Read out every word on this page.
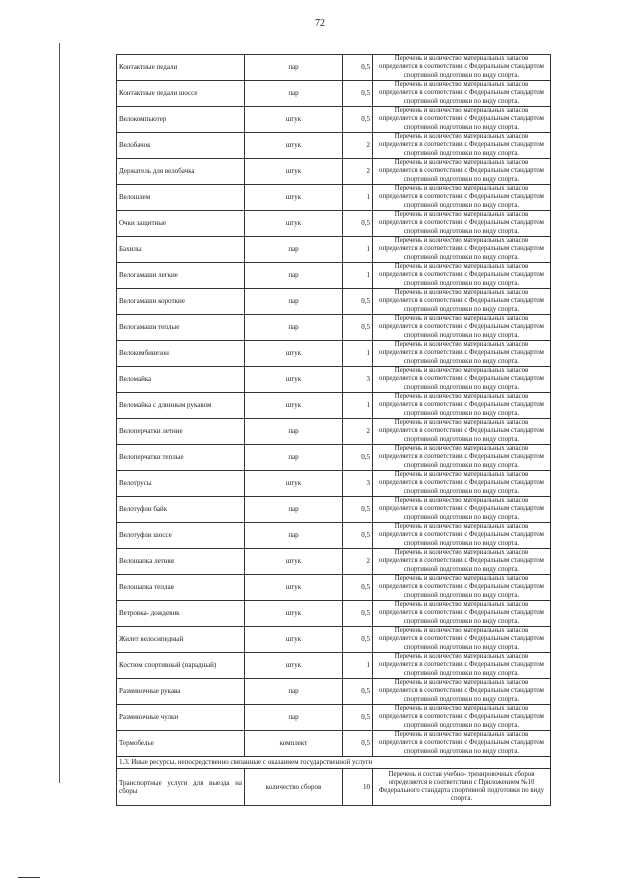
72
Контактные педали	пар	0,5	Перечень и количество материальных запасов определяется в соответствии с Федеральным стандартом спортивной подготовки по виду спорта.
Контактные педали шоссе	пар	0,5	Перечень и количество материальных запасов определяется в соответствии с Федеральным стандартом спортивной подготовки по виду спорта.
Велокомпьютер	штук	0,5	Перечень и количество материальных запасов определяется в соответствии с Федеральным стандартом спортивной подготовки по виду спорта.
Велобачок	штук	2	Перечень и количество материальных запасов определяется в соответствии с Федеральным стандартом спортивной подготовки по виду спорта.
Держатель для велобачка	штук	2	Перечень и количество материальных запасов определяется в соответствии с Федеральным стандартом спортивной подготовки по виду спорта.
Велошлем	штук	1	Перечень и количество материальных запасов определяется в соответствии с Федеральным стандартом спортивной подготовки по виду спорта.
Очки защитные	штук	0,5	Перечень и количество материальных запасов определяется в соответствии с Федеральным стандартом спортивной подготовки по виду спорта.
Бахилы	пар	1	Перечень и количество материальных запасов определяется в соответствии с Федеральным стандартом спортивной подготовки по виду спорта.
Велогамаши легкие	пар	1	Перечень и количество материальных запасов определяется в соответствии с Федеральным стандартом спортивной подготовки по виду спорта.
Велогамаши короткие	пар	0,5	Перечень и количество материальных запасов определяется в соответствии с Федеральным стандартом спортивной подготовки по виду спорта.
Велогамаши теплые	пар	0,5	Перечень и количество материальных запасов определяется в соответствии с Федеральным стандартом спортивной подготовки по виду спорта.
Велокомбинезон	штук	1	Перечень и количество материальных запасов определяется в соответствии с Федеральным стандартом спортивной подготовки по виду спорта.
Веломайка	штук	3	Перечень и количество материальных запасов определяется в соответствии с Федеральным стандартом спортивной подготовки по виду спорта.
Веломайка с длинным рукавом	штук	1	Перечень и количество материальных запасов определяется в соответствии с Федеральным стандартом спортивной подготовки по виду спорта.
Велоперчатки летние	пар	2	Перечень и количество материальных запасов определяется в соответствии с Федеральным стандартом спортивной подготовки по виду спорта.
Велоперчатки теплые	пар	0,5	Перечень и количество материальных запасов определяется в соответствии с Федеральным стандартом спортивной подготовки по виду спорта.
Велотрусы	штук	3	Перечень и количество материальных запасов определяется в соответствии с Федеральным стандартом спортивной подготовки по виду спорта.
Велотуфли байк	пар	0,5	Перечень и количество материальных запасов определяется в соответствии с Федеральным стандартом спортивной подготовки по виду спорта.
Велотуфли шоссе	пар	0,5	Перечень и количество материальных запасов определяется в соответствии с Федеральным стандартом спортивной подготовки по виду спорта.
Велошапка летняя	штук	2	Перечень и количество материальных запасов определяется в соответствии с Федеральным стандартом спортивной подготовки по виду спорта.
Велошапка теплая	штук	0,5	Перечень и количество материальных запасов определяется в соответствии с Федеральным стандартом спортивной подготовки по виду спорта.
Ветровка- дождевик	штук	0,5	Перечень и количество материальных запасов определяется в соответствии с Федеральным стандартом спортивной подготовки по виду спорта.
Жилет велосипедный	штук	0,5	Перечень и количество материальных запасов определяется в соответствии с Федеральным стандартом спортивной подготовки по виду спорта.
Костюм спортивный (парадный)	штук	1	Перечень и количество материальных запасов определяется в соответствии с Федеральным стандартом спортивной подготовки по виду спорта.
Разминочные рукава	пар	0,5	Перечень и количество материальных запасов определяется в соответствии с Федеральным стандартом спортивной подготовки по виду спорта.
Разминочные чулки	пар	0,5	Перечень и количество материальных запасов определяется в соответствии с Федеральным стандартом спортивной подготовки по виду спорта.
Термобелье	комплект	0,5	Перечень и количество материальных запасов определяется в соответствии с Федеральным стандартом спортивной подготовки по виду спорта.
1.3. Иные ресурсы, непосредственно связанные с оказанием государственной услуги			
Транспортные услуги для выезда на сборы	количество сборов	10	Перечень и состав учебно- тренировочных сборов определяется в соответствии с Приложением №10 Федерального стандарта спортивной подготовки по виду спорта.
